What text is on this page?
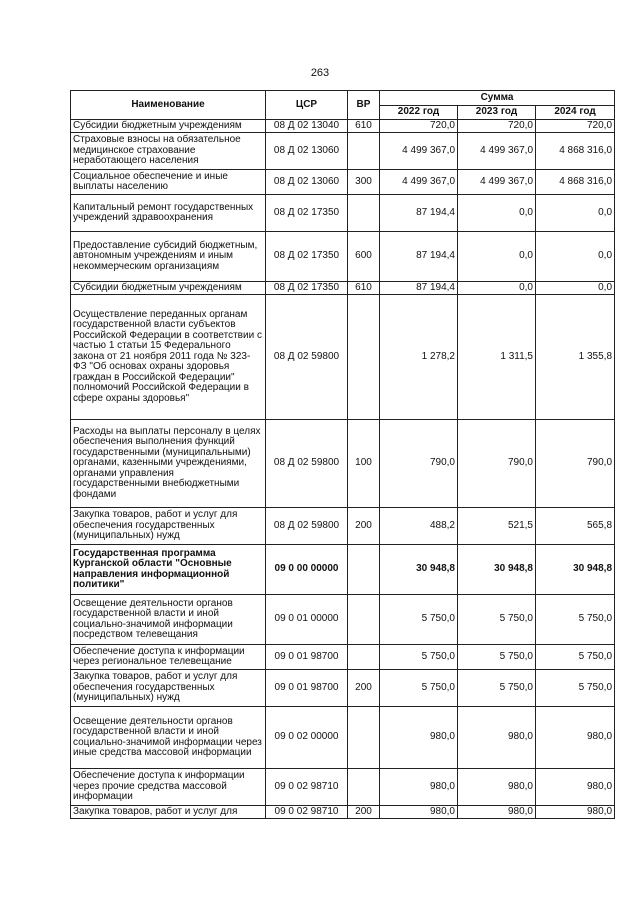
263
Наименование	ЦСР	ВР	Сумма		
			2022 год	2023 год	2024 год
Субсидии бюджетным учреждениям	08 Д 02 13040	610	720,0	720,0	720,0
Страховые взносы на обязательное медицинское страхование неработающего населения	08 Д 02 13060		4 499 367,0	4 499 367,0	4 868 316,0
Социальное обеспечение и иные выплаты населению	08 Д 02 13060	300	4 499 367,0	4 499 367,0	4 868 316,0
Капитальный ремонт государственных учреждений здравоохранения	08 Д 02 17350		87 194,4	0,0	0,0
Предоставление субсидий бюджетным, автономным учреждениям и иным некоммерческим организациям	08 Д 02 17350	600	87 194,4	0,0	0,0
Субсидии бюджетным учреждениям	08 Д 02 17350	610	87 194,4	0,0	0,0
Осуществление переданных органам государственной власти субъектов Российской Федерации в соответствии с частью 1 статьи 15 Федерального закона от 21 ноября 2011 года № 323-ФЗ "Об основах охраны здоровья граждан в Российской Федерации" полномочий Российской Федерации в сфере охраны здоровья"	08 Д 02 59800		1 278,2	1 311,5	1 355,8
Расходы на выплаты персоналу в целях обеспечения выполнения функций государственными (муниципальными) органами, казенными учреждениями, органами управления государственными внебюджетными фондами	08 Д 02 59800	100	790,0	790,0	790,0
Закупка товаров, работ и услуг для обеспечения государственных (муниципальных) нужд	08 Д 02 59800	200	488,2	521,5	565,8
Государственная программа Курганской области "Основные направления информационной политики"	09 0 00 00000		30 948,8	30 948,8	30 948,8
Освещение деятельности органов государственной власти и иной социально-значимой информации посредством телевещания	09 0 01 00000		5 750,0	5 750,0	5 750,0
Обеспечение доступа к информации через региональное телевещание	09 0 01 98700		5 750,0	5 750,0	5 750,0
Закупка товаров, работ и услуг для обеспечения государственных (муниципальных) нужд	09 0 01 98700	200	5 750,0	5 750,0	5 750,0
Освещение деятельности органов государственной власти и иной социально-значимой информации через иные средства массовой информации	09 0 02 00000		980,0	980,0	980,0
Обеспечение доступа к информации через прочие средства массовой информации	09 0 02 98710		980,0	980,0	980,0
Закупка товаров, работ и услуг для	09 0 02 98710	200	980,0	980,0	980,0
